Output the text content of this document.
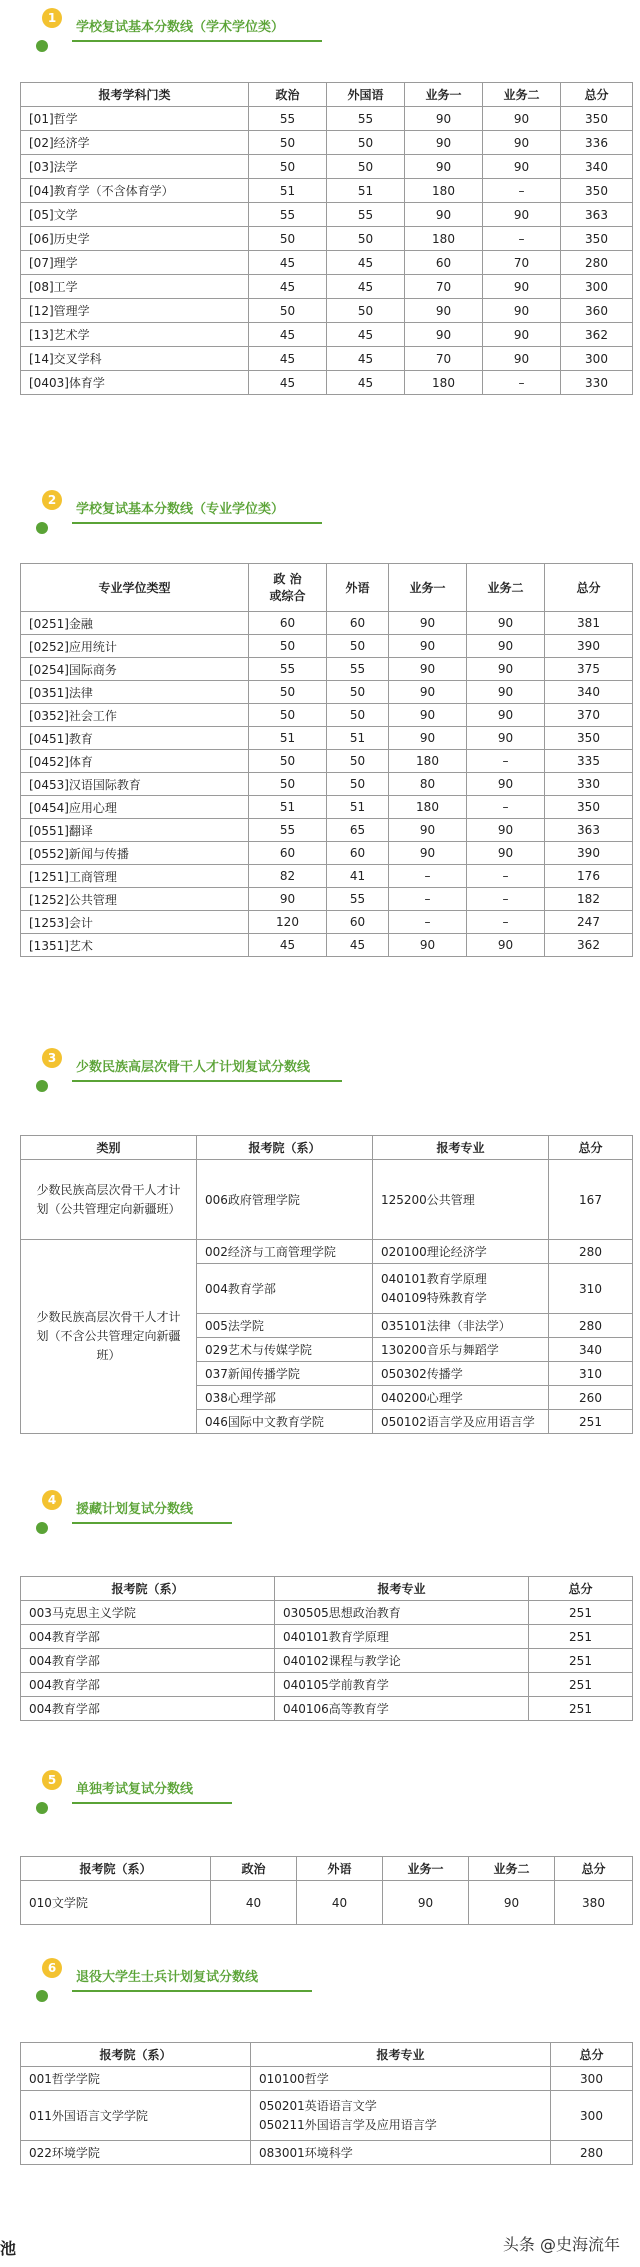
1
学校复试基本分数线（学术学位类）
报考学科门类	政治	外国语	业务一	业务二	总分
[01]哲学	55	55	90	90	350
[02]经济学	50	50	90	90	336
[03]法学	50	50	90	90	340
[04]教育学（不含体育学）	51	51	180	–	350
[05]文学	55	55	90	90	363
[06]历史学	50	50	180	–	350
[07]理学	45	45	60	70	280
[08]工学	45	45	70	90	300
[12]管理学	50	50	90	90	360
[13]艺术学	45	45	90	90	362
[14]交叉学科	45	45	70	90	300
[0403]体育学	45	45	180	–	330
2
学校复试基本分数线（专业学位类）
专业学位类型	政 治
或综合	外语	业务一	业务二	总分
[0251]金融	60	60	90	90	381
[0252]应用统计	50	50	90	90	390
[0254]国际商务	55	55	90	90	375
[0351]法律	50	50	90	90	340
[0352]社会工作	50	50	90	90	370
[0451]教育	51	51	90	90	350
[0452]体育	50	50	180	–	335
[0453]汉语国际教育	50	50	80	90	330
[0454]应用心理	51	51	180	–	350
[0551]翻译	55	65	90	90	363
[0552]新闻与传播	60	60	90	90	390
[1251]工商管理	82	41	–	–	176
[1252]公共管理	90	55	–	–	182
[1253]会计	120	60	–	–	247
[1351]艺术	45	45	90	90	362
3
少数民族高层次骨干人才计划复试分数线
类别	报考院（系）	报考专业	总分
少数民族高层次骨干人才计划（公共管理定向新疆班）	006政府管理学院	125200公共管理	167
少数民族高层次骨干人才计划（不含公共管理定向新疆班）	002经济与工商管理学院	020100理论经济学	280
	004教育学部	040101教育学原理
040109特殊教育学	310
	005法学院	035101法律（非法学）	280
	029艺术与传媒学院	130200音乐与舞蹈学	340
	037新闻传播学院	050302传播学	310
	038心理学部	040200心理学	260
	046国际中文教育学院	050102语言学及应用语言学	251
4
援藏计划复试分数线
报考院（系）	报考专业	总分
003马克思主义学院	030505思想政治教育	251
004教育学部	040101教育学原理	251
004教育学部	040102课程与教学论	251
004教育学部	040105学前教育学	251
004教育学部	040106高等教育学	251
5
单独考试复试分数线
报考院（系）	政治	外语	业务一	业务二	总分
010文学院	40	40	90	90	380
6
退役大学生士兵计划复试分数线
报考院（系）	报考专业	总分
001哲学学院	010100哲学	300
011外国语言文学学院	050201英语语言文学
050211外国语言学及应用语言学	300
022环境学院	083001环境科学	280
池	头条 @史海流年
